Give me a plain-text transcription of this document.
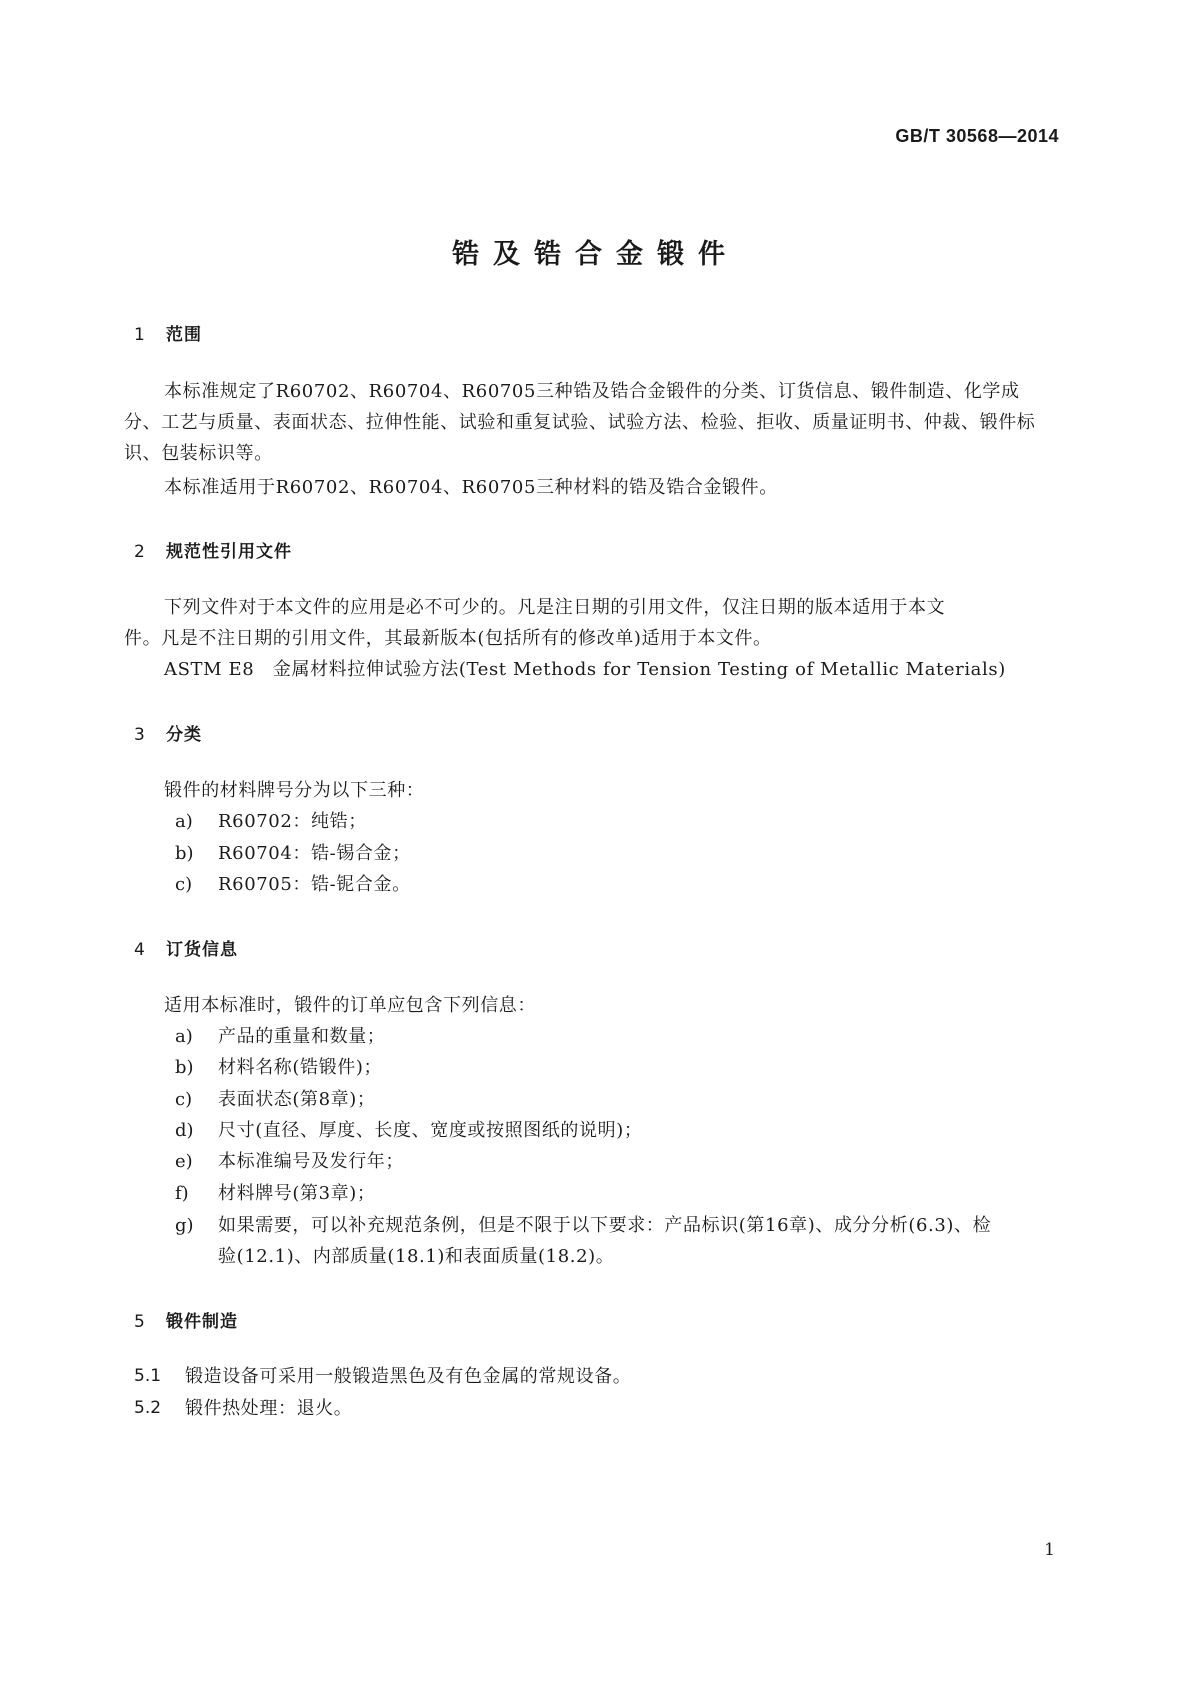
GB/T 30568—2014
锆及锆合金锻件
1 范围
本标准规定了R60702、R60704、R60705三种锆及锆合金锻件的分类、订货信息、锻件制造、化学成
分、工艺与质量、表面状态、拉伸性能、试验和重复试验、试验方法、检验、拒收、质量证明书、仲裁、锻件标
识、包装标识等。
本标准适用于R60702、R60704、R60705三种材料的锆及锆合金锻件。
2 规范性引用文件
下列文件对于本文件的应用是必不可少的。凡是注日期的引用文件，仅注日期的版本适用于本文
件。凡是不注日期的引用文件，其最新版本(包括所有的修改单)适用于本文件。
ASTM E8　金属材料拉伸试验方法(Test Methods for Tension Testing of Metallic Materials)
3 分类
锻件的材料牌号分为以下三种：
a) R60702：纯锆；
b) R60704：锆-锡合金；
c) R60705：锆-铌合金。
4 订货信息
适用本标准时，锻件的订单应包含下列信息：
a) 产品的重量和数量；
b) 材料名称(锆锻件)；
c) 表面状态(第8章)；
d) 尺寸(直径、厚度、长度、宽度或按照图纸的说明)；
e) 本标准编号及发行年；
f) 材料牌号(第3章)；
g) 如果需要，可以补充规范条例，但是不限于以下要求：产品标识(第16章)、成分分析(6.3)、检
验(12.1)、内部质量(18.1)和表面质量(18.2)。
5 锻件制造
5.1 锻造设备可采用一般锻造黑色及有色金属的常规设备。
5.2 锻件热处理：退火。
1
